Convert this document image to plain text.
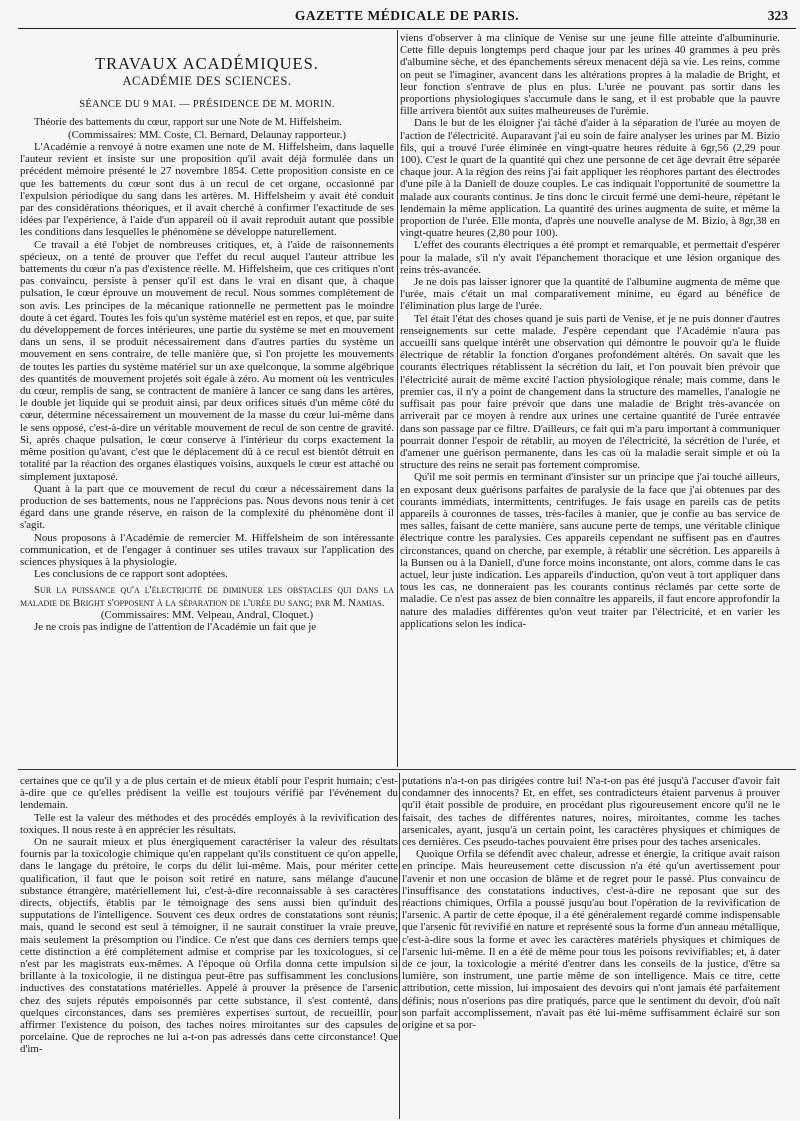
GAZETTE MÉDICALE DE PARIS.	323
TRAVAUX ACADÉMIQUES.
ACADÉMIE DES SCIENCES.
SÉANCE DU 9 MAI. — PRÉSIDENCE DE M. MORIN.

Théorie des battements du cœur, rapport sur une Note de M. Hiffelsheim.

(Commissaires: MM. Coste, Cl. Bernard, Delaunay rapporteur.)

L'Académie a renvoyé à notre examen une note de M. Hiffelsheim, dans laquelle l'auteur revient et insiste sur une proposition qu'il avait déjà formulée dans un précédent mémoire présenté le 27 novembre 1854. Cette proposition consiste en ce que les battements du cœur sont dus à un recul de cet organe, occasionné par l'expulsion périodique du sang dans les artères. M. Hiffelsheim y avait été conduit par des considérations théoriques, et il avait cherché à confirmer l'exactitude de ses idées par l'expérience, à l'aide d'un appareil où il avait reproduit autant que possible les conditions dans lesquelles le phénomène se développe naturellement.

Ce travail a été l'objet de nombreuses critiques, et, à l'aide de raisonnements spécieux, on a tenté de prouver que l'effet du recul auquel l'auteur attribue les battements du cœur n'a pas d'existence réelle. M. Hiffelsheim, que ces critiques n'ont pas convaincu, persiste à penser qu'il est dans le vrai en disant que, à chaque pulsation, le cœur éprouve un mouvement de recul. Nous sommes complétement de son avis. Les principes de la mécanique rationnelle ne permettent pas le moindre doute à cet égard. Toutes les fois qu'un système matériel est en repos, et que, par suite du développement de forces intérieures, une partie du système se met en mouvement dans un sens, il se produit nécessairement dans d'autres parties du système un mouvement en sens contraire, de telle manière que, si l'on projette les mouvements de toutes les parties du système matériel sur un axe quelconque, la somme algébrique des quantités de mouvement projetés soit égale à zéro. Au moment où les ventricules du cœur, remplis de sang, se contractent de manière à lancer ce sang dans les artères, le double jet liquide qui se produit ainsi, par deux orifices situés d'un même côté du cœur, détermine nécessairement un mouvement de la masse du cœur lui-même dans le sens opposé, c'est-à-dire un véritable mouvement de recul de son centre de gravité. Si, après chaque pulsation, le cœur conserve à l'intérieur du corps exactement la même position qu'avant, c'est que le déplacement dû à ce recul est bientôt détruit en totalité par la réaction des organes élastiques voisins, auxquels le cœur est attaché ou simplement juxtaposé.

Quant à la part que ce mouvement de recul du cœur a nécessairement dans la production de ses battements, nous ne l'apprécions pas. Nous devons nous tenir à cet égard dans une grande réserve, en raison de la complexité du phénomène dont il s'agit.

Nous proposons à l'Académie de remercier M. Hiffelsheim de son intéressante communication, et de l'engager à continuer ses utiles travaux sur l'application des sciences physiques à la physiologie.

Les conclusions de ce rapport sont adoptées.

Sur la puissance qu'a l'électricité de diminuer les obstacles qui dans la maladie de Bright s'opposent à la séparation de l'urée du sang; par M. Namias.

(Commissaires: MM. Velpeau, Andral, Cloquet.)

Je ne crois pas indigne de l'attention de l'Académie un fait que je

viens d'observer à ma clinique de Venise sur une jeune fille atteinte d'albuminurie. Cette fille depuis longtemps perd chaque jour par les urines 40 grammes à peu près d'albumine sèche, et des épanchements séreux menacent déjà sa vie. Les reins, comme on peut se l'imaginer, avancent dans les altérations propres à la maladie de Bright, et leur fonction s'entrave de plus en plus. L'urée ne pouvant pas sortir dans les proportions physiologiques s'accumule dans le sang, et il est probable que la pauvre fille arrivera bientôt aux suites malheureuses de l'urémie.

Dans le but de les éloigner j'ai tâché d'aider à la séparation de l'urée au moyen de l'action de l'électricité. Auparavant j'ai eu soin de faire analyser les urines par M. Bizio fils, qui a trouvé l'urée éliminée en vingt-quatre heures réduite à 6gr,56 (2,29 pour 100). C'est le quart de la quantité qui chez une personne de cet âge devrait être séparée chaque jour. A la région des reins j'ai fait appliquer les réophores partant des électrodes d'une pile à la Daniell de douze couples. Le cas indiquait l'opportunité de soumettre la malade aux courants continus. Je tins donc le circuit fermé une demi-heure, répétant le lendemain la même application. La quantité des urines augmenta de suite, et même la proportion de l'urée. Elle monta, d'après une nouvelle analyse de M. Bizio, à 8gr,38 en vingt-quatre heures (2,80 pour 100).

L'effet des courants électriques a été prompt et remarquable, et permettait d'espérer pour la malade, s'il n'y avait l'épanchement thoracique et une lésion organique des reins très-avancée.

Je ne dois pas laisser ignorer que la quantité de l'albumine augmenta de même que l'urée, mais c'était un mal comparativement minime, eu égard au bénéfice de l'élimination plus large de l'urée.

Tel était l'état des choses quand je suis parti de Venise, et je ne puis donner d'autres renseignements sur cette malade. J'espère cependant que l'Académie n'aura pas accueilli sans quelque intérêt une observation qui démontre le pouvoir qu'a le fluide électrique de rétablir la fonction d'organes profondément altérés. On savait que les courants électriques rétablissent la sécrétion du lait, et l'on pouvait bien prévoir que l'électricité aurait de même excité l'action physiologique rénale; mais comme, dans le premier cas, il n'y a point de changement dans la structure des mamelles, l'analogie ne suffisait pas pour faire prévoir que dans une maladie de Bright très-avancée on arriverait par ce moyen à rendre aux urines une certaine quantité de l'urée entravée dans son passage par ce filtre. D'ailleurs, ce fait qui m'a paru important à communiquer pourrait donner l'espoir de rétablir, au moyen de l'électricité, la sécrétion de l'urée, et d'amener une guérison permanente, dans les cas où la maladie serait simple et où la structure des reins ne serait pas fortement compromise.

Qu'il me soit permis en terminant d'insister sur un principe que j'ai touché ailleurs, en exposant deux guérisons parfaites de paralysie de la face que j'ai obtenues par des courants immédiats, intermittents, centrifuges. Je fais usage en pareils cas de petits appareils à couronnes de tasses, très-faciles à manier, que je confie au bas service de mes salles, faisant de cette manière, sans aucune perte de temps, une véritable clinique électrique contre les paralysies. Ces appareils cependant ne suffisent pas en d'autres circonstances, quand on cherche, par exemple, à rétablir une sécrétion. Les appareils à la Bunsen ou à la Daniell, d'une force moins inconstante, ont alors, comme dans le cas actuel, leur juste indication. Les appareils d'induction, qu'on veut à tort appliquer dans tous les cas, ne donneraient pas les courants continus réclamés par cette sorte de maladie. Ce n'est pas assez de bien connaître les appareils, il faut encore approfondir la nature des maladies différentes qu'on veut traiter par l'électricité, et en varier les applications selon les indica-

certaines que ce qu'il y a de plus certain et de mieux établi pour l'esprit humain; c'est-à-dire que ce qu'elles prédisent la veille est toujours vérifié par l'événement du lendemain.

Telle est la valeur des méthodes et des procédés employés à la revivification des toxiques. Il nous reste à en apprécier les résultats.

On ne saurait mieux et plus énergiquement caractériser la valeur des résultats fournis par la toxicologie chimique qu'en rappelant qu'ils constituent ce qu'on appelle, dans le langage du prétoire, le corps du délit lui-même. Mais, pour mériter cette qualification, il faut que le poison soit retiré en nature, sans mélange d'aucune substance étrangère, matériellement lui, c'est-à-dire reconnaissable à ses caractères directs, objectifs, établis par le témoignage des sens aussi bien qu'induit des supputations de l'intelligence. Souvent ces deux ordres de constatations sont réunis; mais, quand le second est seul à témoigner, il ne saurait constituer la vraie preuve, mais seulement la présomption ou l'indice. Ce n'est que dans ces derniers temps que cette distinction a été complétement admise et comprise par les toxicologues, si ce n'est par les magistrats eux-mêmes. A l'époque où Orfila donna cette impulsion si brillante à la toxicologie, il ne distingua peut-être pas suffisamment les conclusions inductives des constatations matérielles. Appelé à prouver la présence de l'arsenic chez des sujets réputés empoisonnés par cette substance, il s'est contenté, dans quelques circonstances, dans ses premières expertises surtout, de recueillir, pour affirmer l'existence du poison, des taches noires miroitantes sur des capsules de porcelaine. Que de reproches ne lui a-t-on pas adressés dans cette circonstance! Que d'im-

putations n'a-t-on pas dirigées contre lui! N'a-t-on pas été jusqu'à l'accuser d'avoir fait condamner des innocents? Et, en effet, ses contradicteurs étaient parvenus à prouver qu'il était possible de produire, en procédant plus rigoureusement encore qu'il ne le faisait, des taches de différentes natures, noires, miroitantes, comme les taches arsenicales, ayant, jusqu'à un certain point, les caractères physiques et chimiques de ces dernières. Ces pseudo-taches pouvaient être prises pour des taches arsenicales.

Quoique Orfila se défendît avec chaleur, adresse et énergie, la critique avait raison en principe. Mais heureusement cette discussion n'a été qu'un avertissement pour l'avenir et non une occasion de blâme et de regret pour le passé. Plus convaincu de l'insuffisance des constatations inductives, c'est-à-dire ne reposant que sur des réactions chimiques, Orfila a poussé jusqu'au bout l'opération de la revivification de l'arsenic. A partir de cette époque, il a été généralement regardé comme indispensable que l'arsenic fût revivifié en nature et représenté sous la forme d'un anneau métallique, c'est-à-dire sous la forme et avec les caractères matériels physiques et chimiques de l'arsenic lui-même. Il en a été de même pour tous les poisons revivifiables; et, à dater de ce jour, la toxicologie a mérité d'entrer dans les conseils de la justice, d'être sa lumière, son instrument, une partie même de son intelligence. Mais ce titre, cette attribution, cette mission, lui imposaient des devoirs qui n'ont jamais été parfaitement définis; nous n'oserions pas dire pratiqués, parce que le sentiment du devoir, d'où naît son parfait accomplissement, n'avait pas été lui-même suffisamment éclairé sur son origine et sa por-
